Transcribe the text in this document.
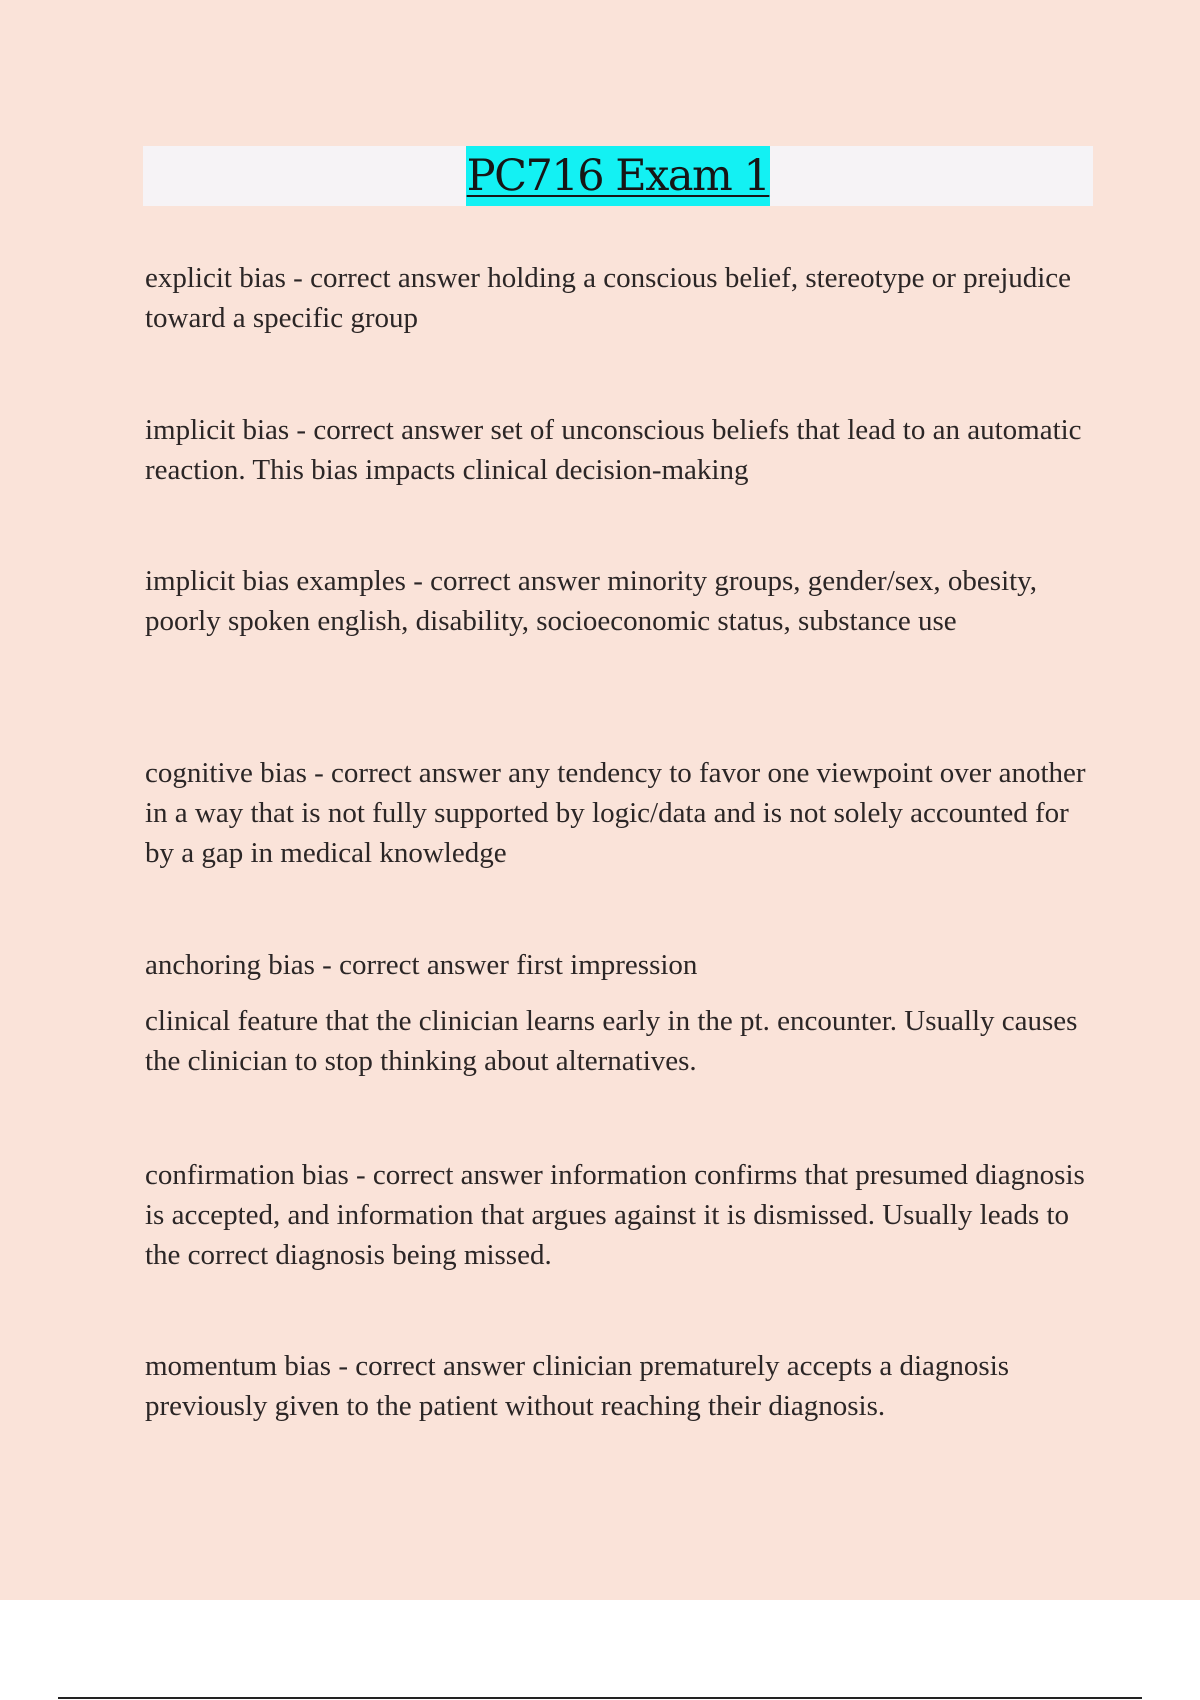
PC716 Exam 1

explicit bias - correct answer holding a conscious belief, stereotype or prejudice toward a specific group

implicit bias - correct answer set of unconscious beliefs that lead to an automatic reaction. This bias impacts clinical decision-making

implicit bias examples - correct answer minority groups, gender/sex, obesity, poorly spoken english, disability, socioeconomic status, substance use

cognitive bias - correct answer any tendency to favor one viewpoint over another in a way that is not fully supported by logic/data and is not solely accounted for by a gap in medical knowledge

anchoring bias - correct answer first impression

clinical feature that the clinician learns early in the pt. encounter. Usually causes the clinician to stop thinking about alternatives.

confirmation bias - correct answer information confirms that presumed diagnosis is accepted, and information that argues against it is dismissed. Usually leads to the correct diagnosis being missed.

momentum bias - correct answer clinician prematurely accepts a diagnosis previously given to the patient without reaching their diagnosis.
